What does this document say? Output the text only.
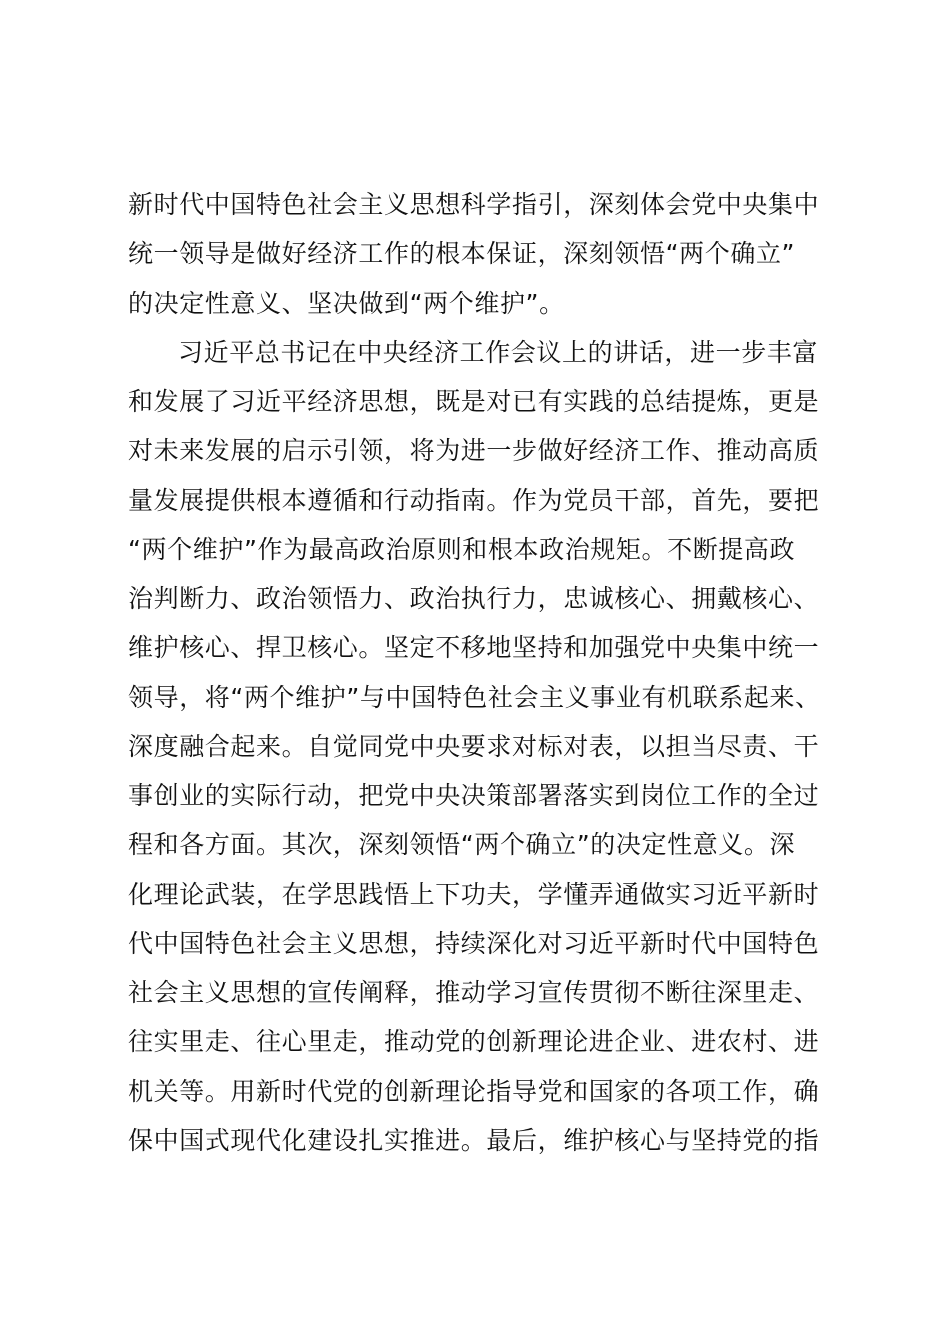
新时代中国特色社会主义思想科学指引，深刻体会党中央集中
统一领导是做好经济工作的根本保证，深刻领悟“两个确立”
的决定性意义、坚决做到“两个维护”。
习近平总书记在中央经济工作会议上的讲话，进一步丰富
和发展了习近平经济思想，既是对已有实践的总结提炼，更是
对未来发展的启示引领，将为进一步做好经济工作、推动高质
量发展提供根本遵循和行动指南。作为党员干部，首先，要把
“两个维护”作为最高政治原则和根本政治规矩。不断提高政
治判断力、政治领悟力、政治执行力，忠诚核心、拥戴核心、
维护核心、捍卫核心。坚定不移地坚持和加强党中央集中统一
领导，将“两个维护”与中国特色社会主义事业有机联系起来、
深度融合起来。自觉同党中央要求对标对表，以担当尽责、干
事创业的实际行动，把党中央决策部署落实到岗位工作的全过
程和各方面。其次，深刻领悟“两个确立”的决定性意义。深
化理论武装，在学思践悟上下功夫，学懂弄通做实习近平新时
代中国特色社会主义思想，持续深化对习近平新时代中国特色
社会主义思想的宣传阐释，推动学习宣传贯彻不断往深里走、
往实里走、往心里走，推动党的创新理论进企业、进农村、进
机关等。用新时代党的创新理论指导党和国家的各项工作，确
保中国式现代化建设扎实推进。最后，维护核心与坚持党的指
